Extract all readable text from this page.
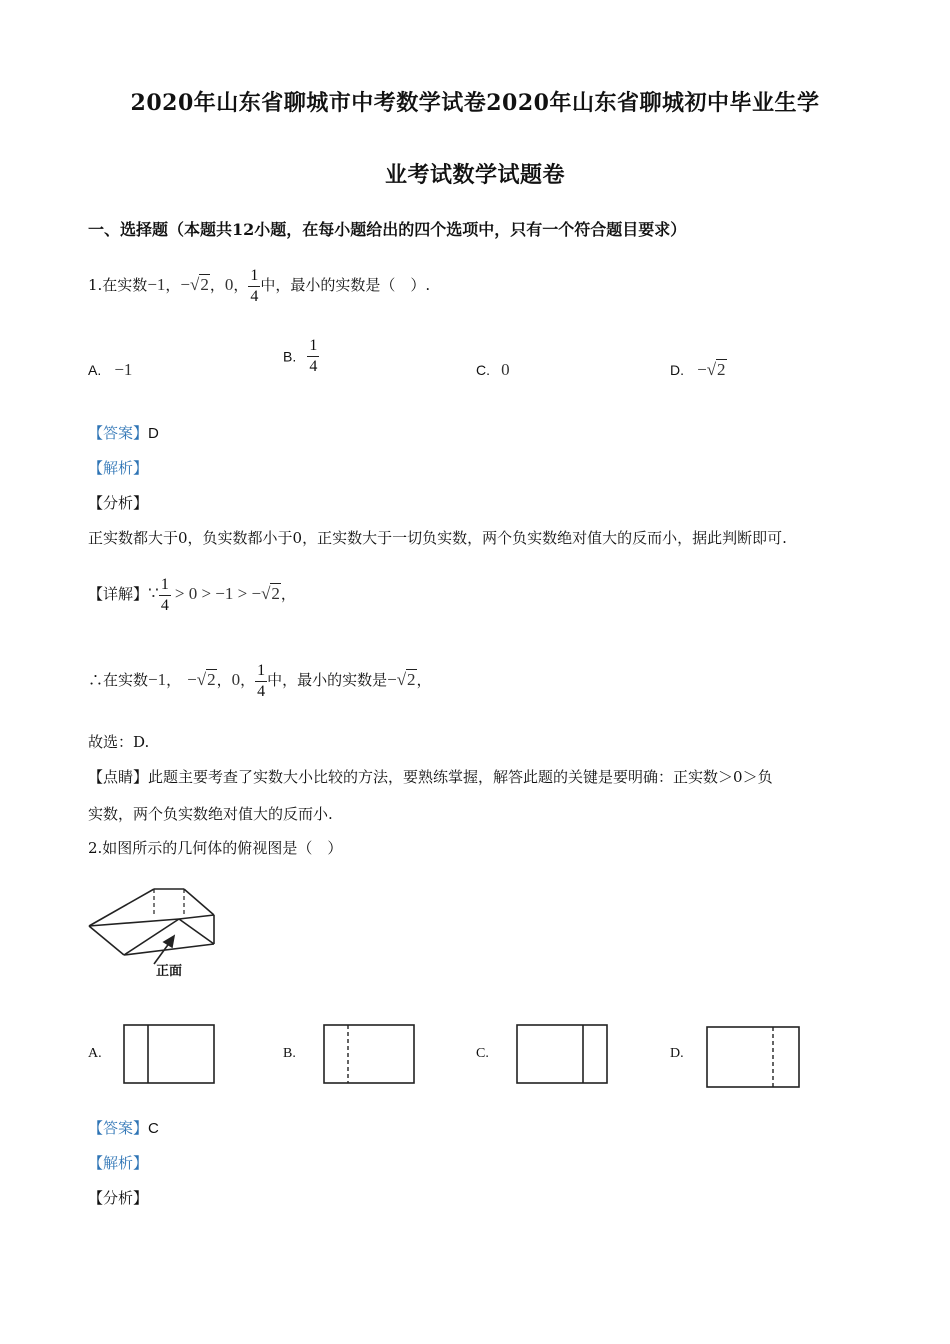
2020年山东省聊城市中考数学试卷2020年山东省聊城初中毕业生学
业考试数学试题卷
一、选择题（本题共12小题，在每小题给出的四个选项中，只有一个符合题目要求）
1.在实数−1，−√2，0， $\frac{1}{4}$ 中，最小的实数是（　）.
A. −1
B. $\frac{1}{4}$	C. 0	D. −√2
【答案】D
【解析】
【分析】
正实数都大于0，负实数都小于0，正实数大于一切负实数，两个负实数绝对值大的反而小，据此判断即可.
【详解】∵ $\frac{1}{4} > 0 > -1 > -√2$，
∴在实数−1， −√2，0， $\frac{1}{4}$ 中，最小的实数是−√2，
故选：D.
【点睛】此题主要考查了实数大小比较的方法，要熟练掌握，解答此题的关键是要明确：正实数＞0＞负
实数，两个负实数绝对值大的反而小.
2.如图所示的几何体的俯视图是（　）
正面
A.	B.	C.	D.
【答案】C
【解析】
【分析】
